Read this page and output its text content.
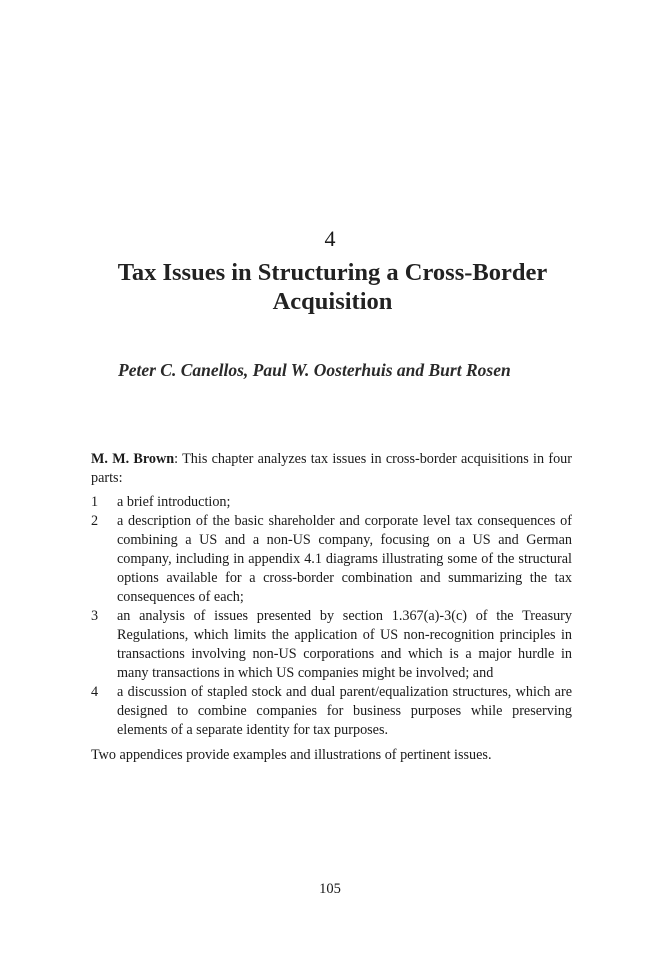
4
Tax Issues in Structuring a Cross-Border Acquisition
Peter C. Canellos, Paul W. Oosterhuis and Burt Rosen

M. M. Brown: This chapter analyzes tax issues in cross-border acquisitions in four parts:

1 a brief introduction;
2 a description of the basic shareholder and corporate level tax consequences of combining a US and a non-US company, focusing on a US and German company, including in appendix 4.1 diagrams illustrating some of the structural options available for a cross-border combination and summarizing the tax consequences of each;
3 an analysis of issues presented by section 1.367(a)-3(c) of the Treasury Regulations, which limits the application of US non-recognition principles in transactions involving non-US corporations and which is a major hurdle in many transactions in which US companies might be involved; and
4 a discussion of stapled stock and dual parent/equalization structures, which are designed to combine companies for business purposes while preserving elements of a separate identity for tax purposes.

Two appendices provide examples and illustrations of pertinent issues.

105
